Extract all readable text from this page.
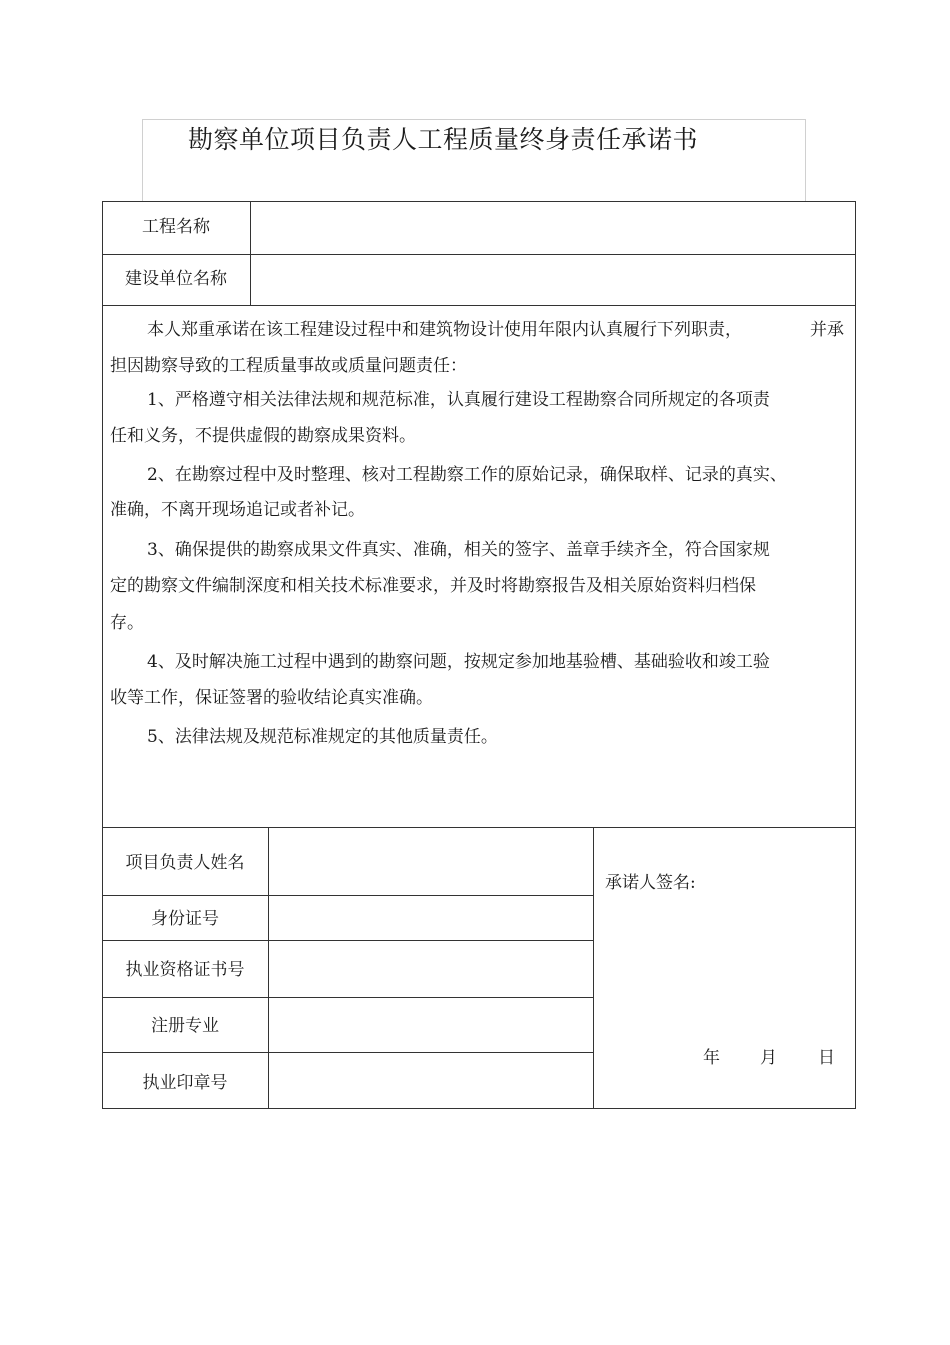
勘察单位项目负责人工程质量终身责任承诺书
工程名称
建设单位名称
本人郑重承诺在该工程建设过程中和建筑物设计使用年限内认真履行下列职责，	并承
担因勘察导致的工程质量事故或质量问题责任：
1、严格遵守相关法律法规和规范标准，认真履行建设工程勘察合同所规定的各项责
任和义务，不提供虚假的勘察成果资料。
2、在勘察过程中及时整理、核对工程勘察工作的原始记录，确保取样、记录的真实、
准确，不离开现场追记或者补记。
3、确保提供的勘察成果文件真实、准确，相关的签字、盖章手续齐全，符合国家规
定的勘察文件编制深度和相关技术标准要求，并及时将勘察报告及相关原始资料归档保
存。
4、及时解决施工过程中遇到的勘察问题，按规定参加地基验槽、基础验收和竣工验
收等工作，保证签署的验收结论真实准确。
5、法律法规及规范标准规定的其他质量责任。
项目负责人姓名
身份证号
执业资格证书号
注册专业
执业印章号
承诺人签名:
年 月 日
